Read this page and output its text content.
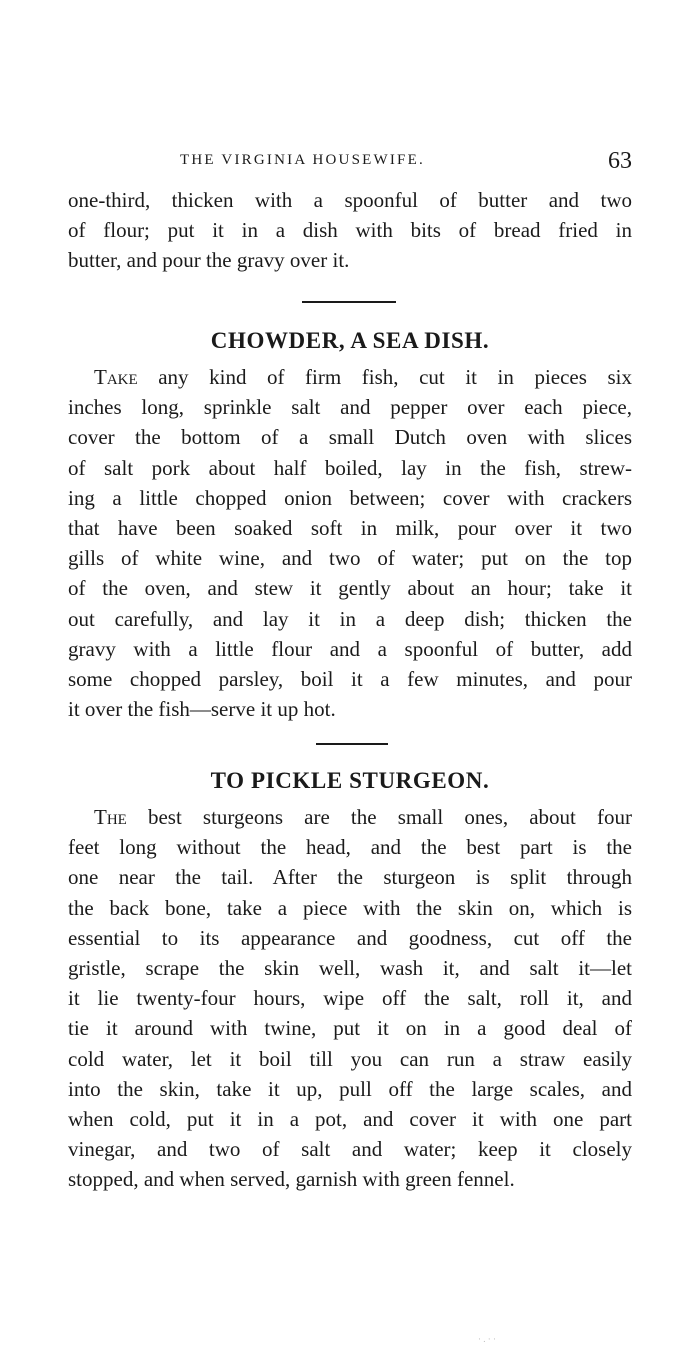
THE VIRGINIA HOUSEWIFE.	63

one-third, thicken with a spoonful of butter and two
of flour; put it in a dish with bits of bread fried in
butter, and pour the gravy over it.

CHOWDER, A SEA DISH.

Take any kind of firm fish, cut it in pieces six
inches long, sprinkle salt and pepper over each piece,
cover the bottom of a small Dutch oven with slices
of salt pork about half boiled, lay in the fish, strew-
ing a little chopped onion between; cover with crackers
that have been soaked soft in milk, pour over it two
gills of white wine, and two of water; put on the top
of the oven, and stew it gently about an hour; take it
out carefully, and lay it in a deep dish; thicken the
gravy with a little flour and a spoonful of butter, add
some chopped parsley, boil it a few minutes, and pour
it over the fish—serve it up hot.

TO PICKLE STURGEON.

The best sturgeons are the small ones, about four
feet long without the head, and the best part is the
one near the tail. After the sturgeon is split through
the back bone, take a piece with the skin on, which is
essential to its appearance and goodness, cut off the
gristle, scrape the skin well, wash it, and salt it—let
it lie twenty-four hours, wipe off the salt, roll it, and
tie it around with twine, put it on in a good deal of
cold water, let it boil till you can run a straw easily
into the skin, take it up, pull off the large scales, and
when cold, put it in a pot, and cover it with one part
vinegar, and two of salt and water; keep it closely
stopped, and when served, garnish with green fennel.

· . · ·
